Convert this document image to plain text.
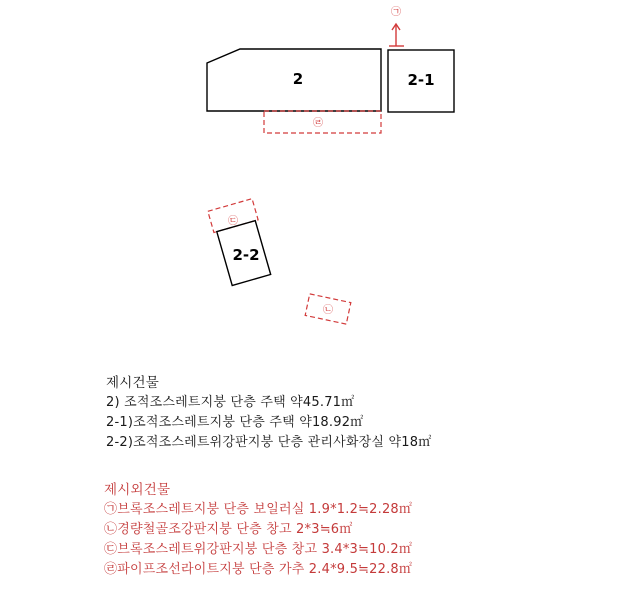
2
㉣
2-1
㉠
㉢
2-2
㉡
제시건물
2) 조적조스레트지붕 단층 주택 약45.71㎡
2-1)조적조스레트지붕 단층 주택 약18.92㎡
2-2)조적조스레트위강판지붕 단층 관리사화장실 약18㎡
제시외건물
㉠브록조스레트지붕 단층 보일러실 1.9*1.2≒2.28㎡
㉡경량철골조강판지붕 단층 창고 2*3≒6㎡
㉢브록조스레트위강판지붕 단층 창고 3.4*3≒10.2㎡
㉣파이프조선라이트지붕 단층 가추 2.4*9.5≒22.8㎡
